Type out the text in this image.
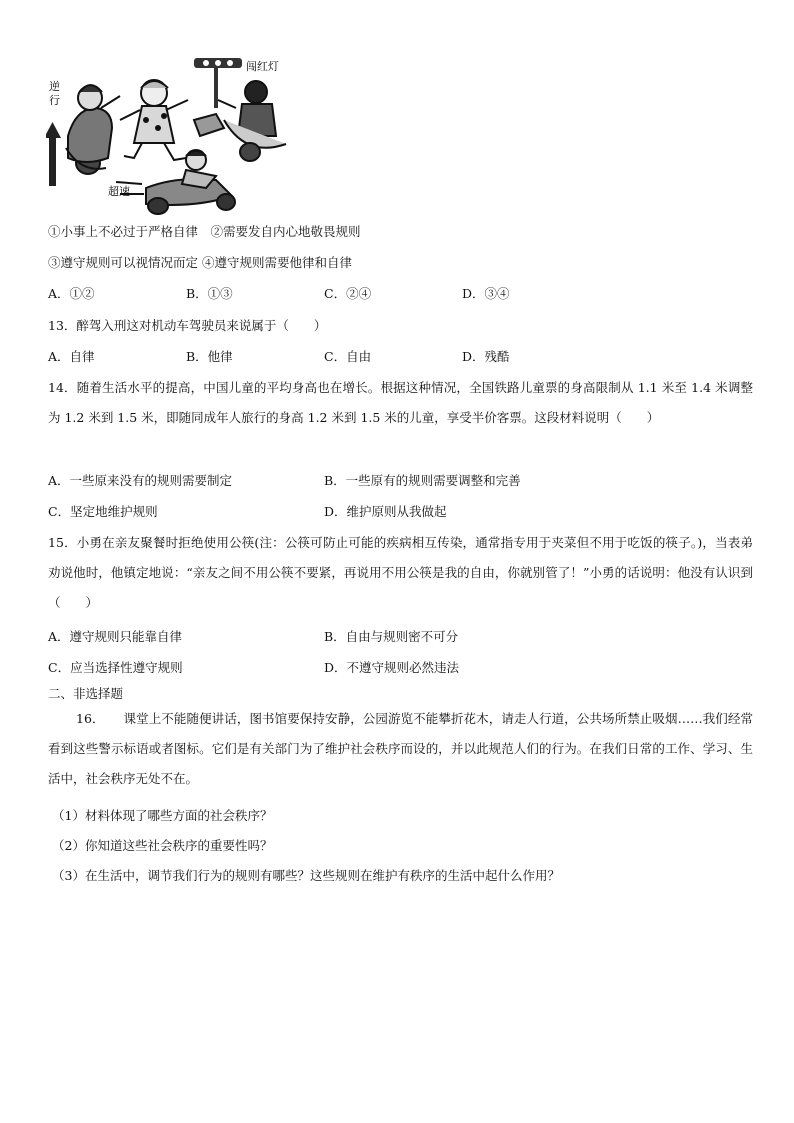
逆
行
闯红灯
超速
①小事上不必过于严格自律　②需要发自内心地敬畏规则
③遵守规则可以视情况而定 ④遵守规则需要他律和自律
A．①②	B．①③	C．②④	D．③④
13．醉驾入刑这对机动车驾驶员来说属于（　　）
A．自律	B．他律	C．自由	D．残酷
14．随着生活水平的提高，中国儿童的平均身高也在增长。根据这种情况，全国铁路儿童票的身高限制从 1.1 米至 1.4 米调整为 1.2 米到 1.5 米，即随同成年人旅行的身高 1.2 米到 1.5 米的儿童，享受半价客票。这段材料说明（　　）
A．一些原来没有的规则需要制定	B．一些原有的规则需要调整和完善
C．坚定地维护规则	D．维护原则从我做起
15．小勇在亲友聚餐时拒绝使用公筷(注：公筷可防止可能的疾病相互传染，通常指专用于夹菜但不用于吃饭的筷子。)，当表弟劝说他时，他镇定地说：“亲友之间不用公筷不要紧，再说用不用公筷是我的自由，你就别管了！”小勇的话说明：他没有认识到（　　）
A．遵守规则只能靠自律	B．自由与规则密不可分
C．应当选择性遵守规则	D．不遵守规则必然违法
二、非选择题
16．　　课堂上不能随便讲话，图书馆要保持安静，公园游览不能攀折花木，请走人行道，公共场所禁止吸烟……我们经常看到这些警示标语或者图标。它们是有关部门为了维护社会秩序而设的，并以此规范人们的行为。在我们日常的工作、学习、生活中，社会秩序无处不在。
（1）材料体现了哪些方面的社会秩序？
（2）你知道这些社会秩序的重要性吗？
（3）在生活中，调节我们行为的规则有哪些？这些规则在维护有秩序的生活中起什么作用？
